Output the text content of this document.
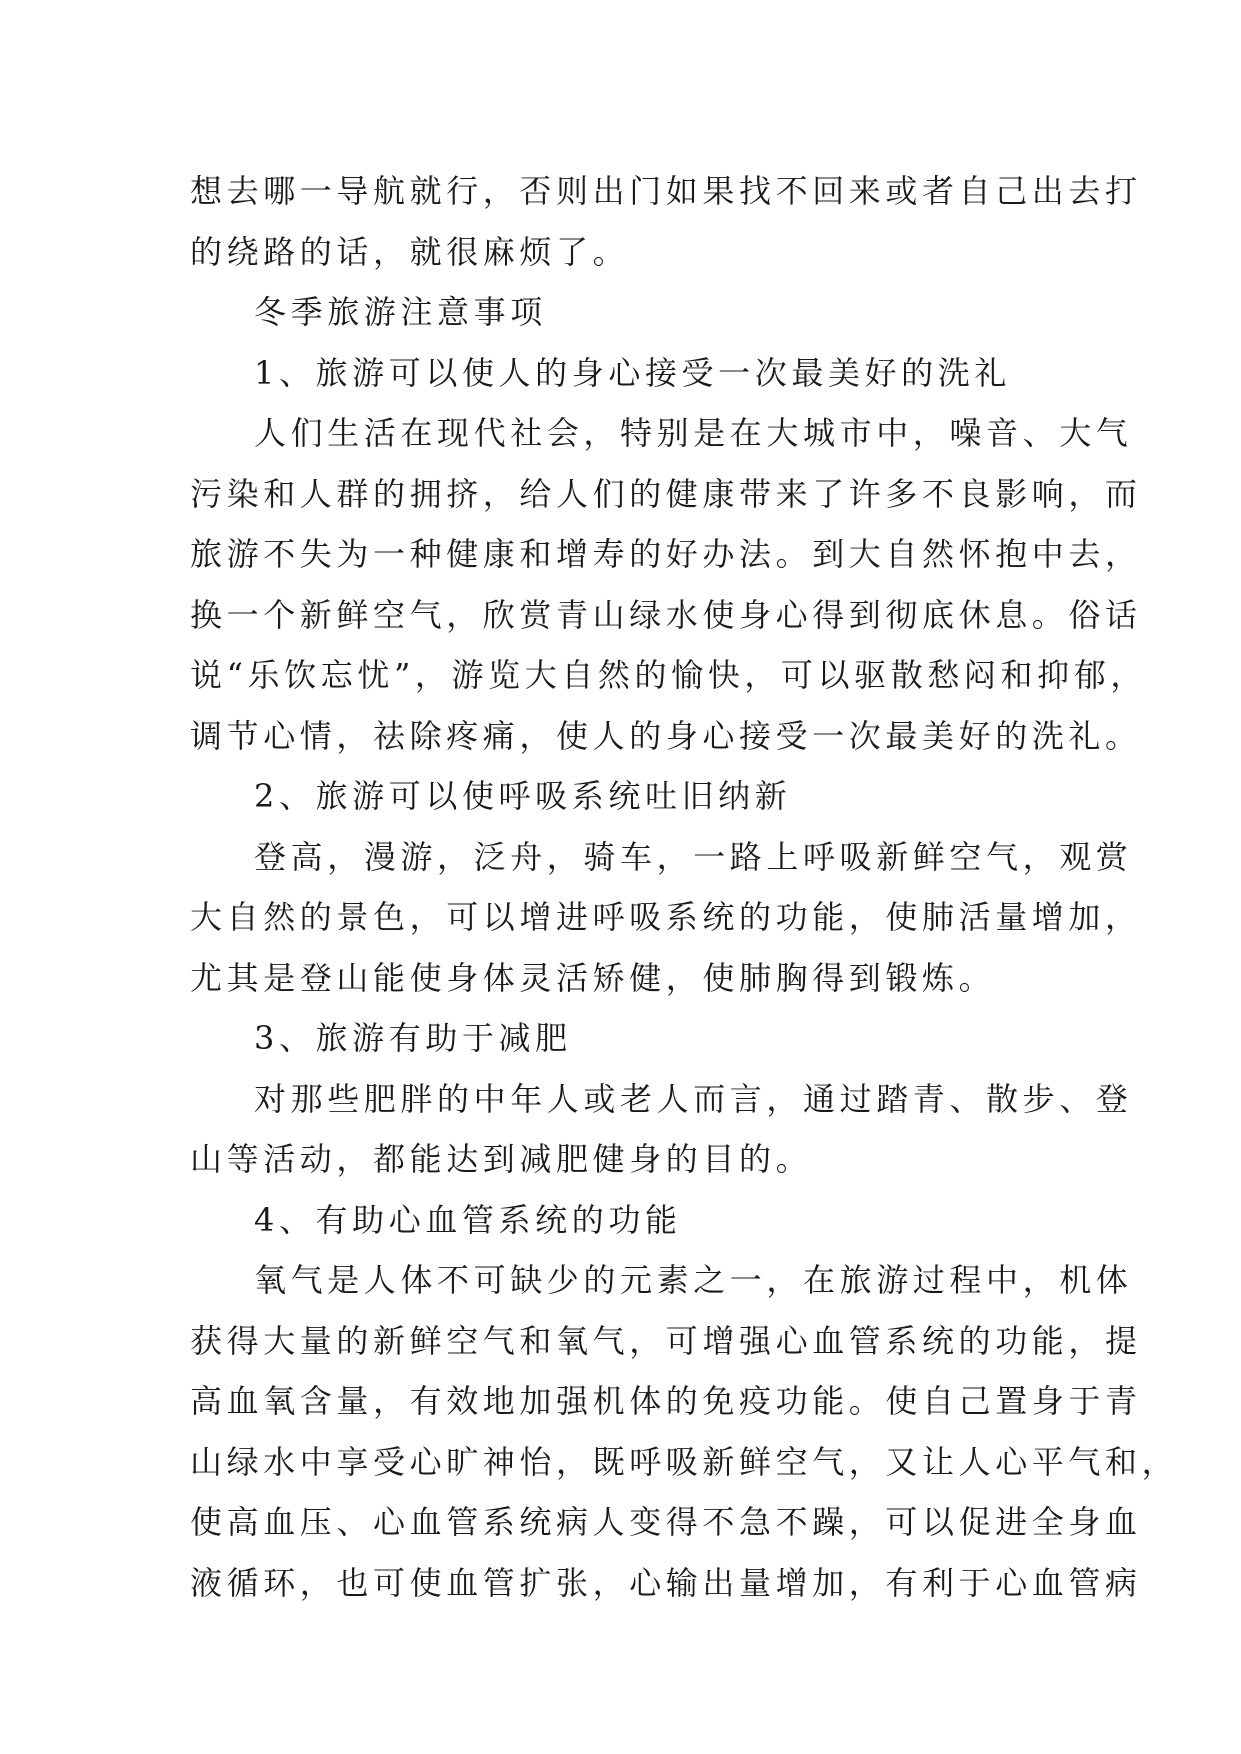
想去哪一导航就行，否则出门如果找不回来或者自己出去打
的绕路的话，就很麻烦了。
冬季旅游注意事项
1、旅游可以使人的身心接受一次最美好的洗礼
人们生活在现代社会，特别是在大城市中，噪音、大气
污染和人群的拥挤，给人们的健康带来了许多不良影响，而
旅游不失为一种健康和增寿的好办法。到大自然怀抱中去，
换一个新鲜空气，欣赏青山绿水使身心得到彻底休息。俗话
说“乐饮忘忧”，游览大自然的愉快，可以驱散愁闷和抑郁，
调节心情，祛除疼痛，使人的身心接受一次最美好的洗礼。
2、旅游可以使呼吸系统吐旧纳新
登高，漫游，泛舟，骑车，一路上呼吸新鲜空气，观赏
大自然的景色，可以增进呼吸系统的功能，使肺活量增加，
尤其是登山能使身体灵活矫健，使肺胸得到锻炼。
3、旅游有助于减肥
对那些肥胖的中年人或老人而言，通过踏青、散步、登
山等活动，都能达到减肥健身的目的。
4、有助心血管系统的功能
氧气是人体不可缺少的元素之一，在旅游过程中，机体
获得大量的新鲜空气和氧气，可增强心血管系统的功能，提
高血氧含量，有效地加强机体的免疫功能。使自己置身于青
山绿水中享受心旷神怡，既呼吸新鲜空气，又让人心平气和，
使高血压、心血管系统病人变得不急不躁，可以促进全身血
液循环，也可使血管扩张，心输出量增加，有利于心血管病
